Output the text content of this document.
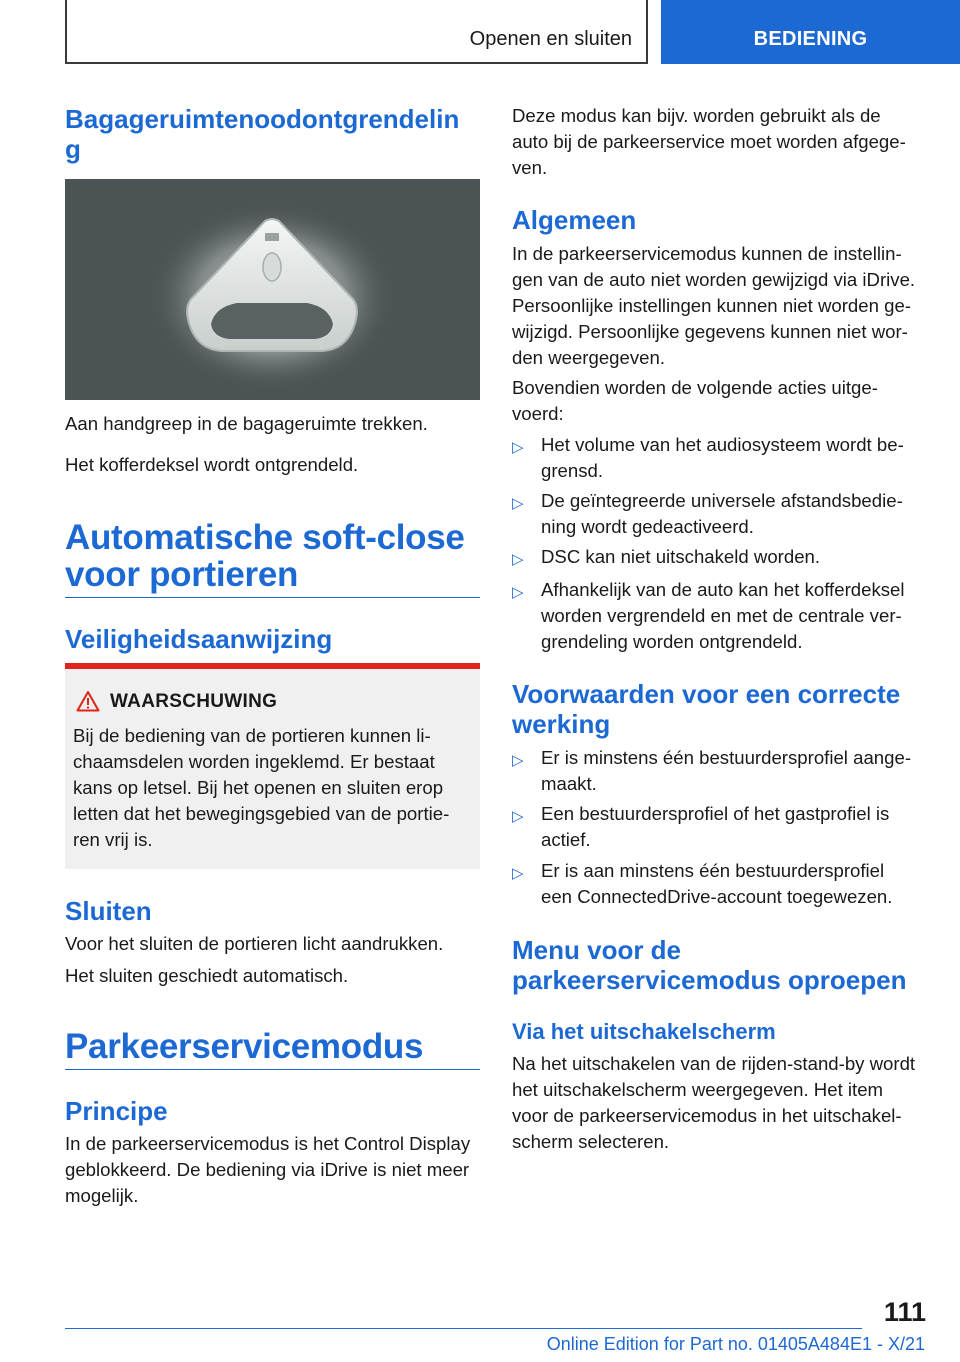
Openen en sluiten	BEDIENING
Bagageruimtenoodontgrendelin
g

Aan handgreep in de bagageruimte trekken.

Het kofferdeksel wordt ontgrendeld.

Automatische soft-close
voor portieren
Veiligheidsaanwijzing
WAARSCHUWING
Bij de bediening van de portieren kunnen li-
chaamsdelen worden ingeklemd. Er bestaat
kans op letsel. Bij het openen en sluiten erop
letten dat het bewegingsgebied van de portie-
ren vrij is.
Sluiten

Voor het sluiten de portieren licht aandrukken.

Het sluiten geschiedt automatisch.

Parkeerservicemodus
Principe
In de parkeerservicemodus is het Control Display
geblokkeerd. De bediening via iDrive is niet meer
mogelijk.
Deze modus kan bijv. worden gebruikt als de
auto bij de parkeerservice moet worden afgege-
ven.
Algemeen
In de parkeerservicemodus kunnen de instellin-
gen van de auto niet worden gewijzigd via iDrive.
Persoonlijke instellingen kunnen niet worden ge-
wijzigd. Persoonlijke gegevens kunnen niet wor-
den weergegeven.
Bovendien worden de volgende acties uitge-
voerd:
▷ Het volume van het audiosysteem wordt be-
grensd.
▷ De geïntegreerde universele afstandsbedie-
ning wordt gedeactiveerd.
▷ DSC kan niet uitschakeld worden.
▷ Afhankelijk van de auto kan het kofferdeksel
worden vergrendeld en met de centrale ver-
grendeling worden ontgrendeld.
Voorwaarden voor een correcte
werking
▷ Er is minstens één bestuurdersprofiel aange-
maakt.
▷ Een bestuurdersprofiel of het gastprofiel is
actief.
▷ Er is aan minstens één bestuurdersprofiel
een ConnectedDrive-account toegewezen.
Menu voor de
parkeerservicemodus oproepen
Via het uitschakelscherm
Na het uitschakelen van de rijden-stand-by wordt
het uitschakelscherm weergegeven. Het item
voor de parkeerservicemodus in het uitschakel-
scherm selecteren.
111
Online Edition for Part no. 01405A484E1 - X/21
